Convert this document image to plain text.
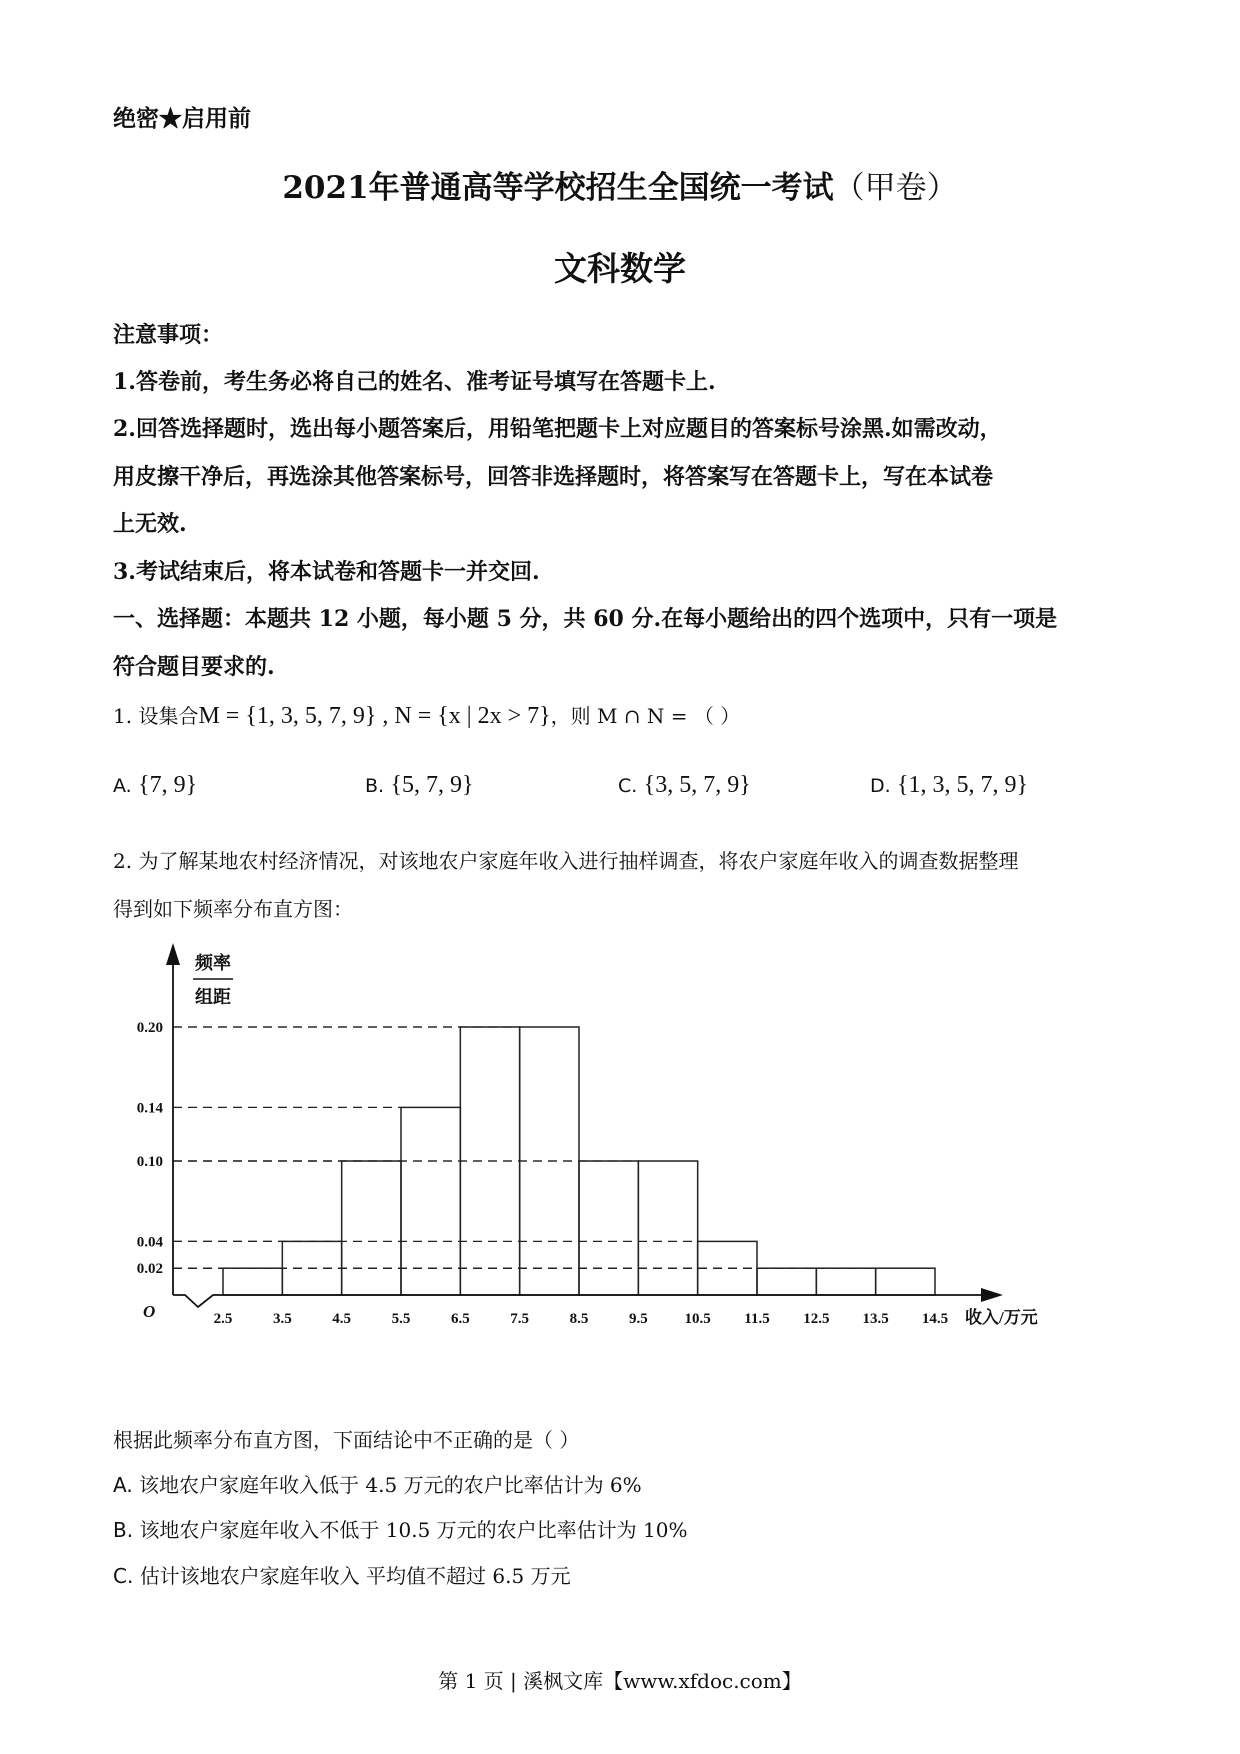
绝密★启用前
2021年普通高等学校招生全国统一考试（甲卷）
文科数学
注意事项：
1.答卷前，考生务必将自己的姓名、准考证号填写在答题卡上.
2.回答选择题时，选出每小题答案后，用铅笔把题卡上对应题目的答案标号涂黑.如需改动，
用皮擦干净后，再选涂其他答案标号，回答非选择题时，将答案写在答题卡上，写在本试卷
上无效.
3.考试结束后，将本试卷和答题卡一并交回.
一、选择题：本题共 12 小题，每小题 5 分，共 60 分.在每小题给出的四个选项中，只有一项是
符合题目要求的.
1. 设集合M = {1, 3, 5, 7, 9} , N = {x | 2x > 7}，则 M ∩ N = （ ）
A. {7, 9}	B. {5, 7, 9}	C. {3, 5, 7, 9}	D. {1, 3, 5, 7, 9}
2. 为了解某地农村经济情况，对该地农户家庭年收入进行抽样调查，将农户家庭年收入的调查数据整理
得到如下频率分布直方图：
频率
组距
0.02
0.04
0.10
0.14
0.20
2.5	3.5	4.5	5.5	6.5	7.5	8.5	9.5 10.5 11.5 12.5 13.5 14.5 收入/万元
O
根据此频率分布直方图，下面结论中不正确的是（ ）
A. 该地农户家庭年收入低于 4.5 万元的农户比率估计为 6%
B. 该地农户家庭年收入不低于 10.5 万元的农户比率估计为 10%
C. 估计该地农户家庭年收入 平均值不超过 6.5 万元
第 1 页 | 溪枫文库【www.xfdoc.com】
